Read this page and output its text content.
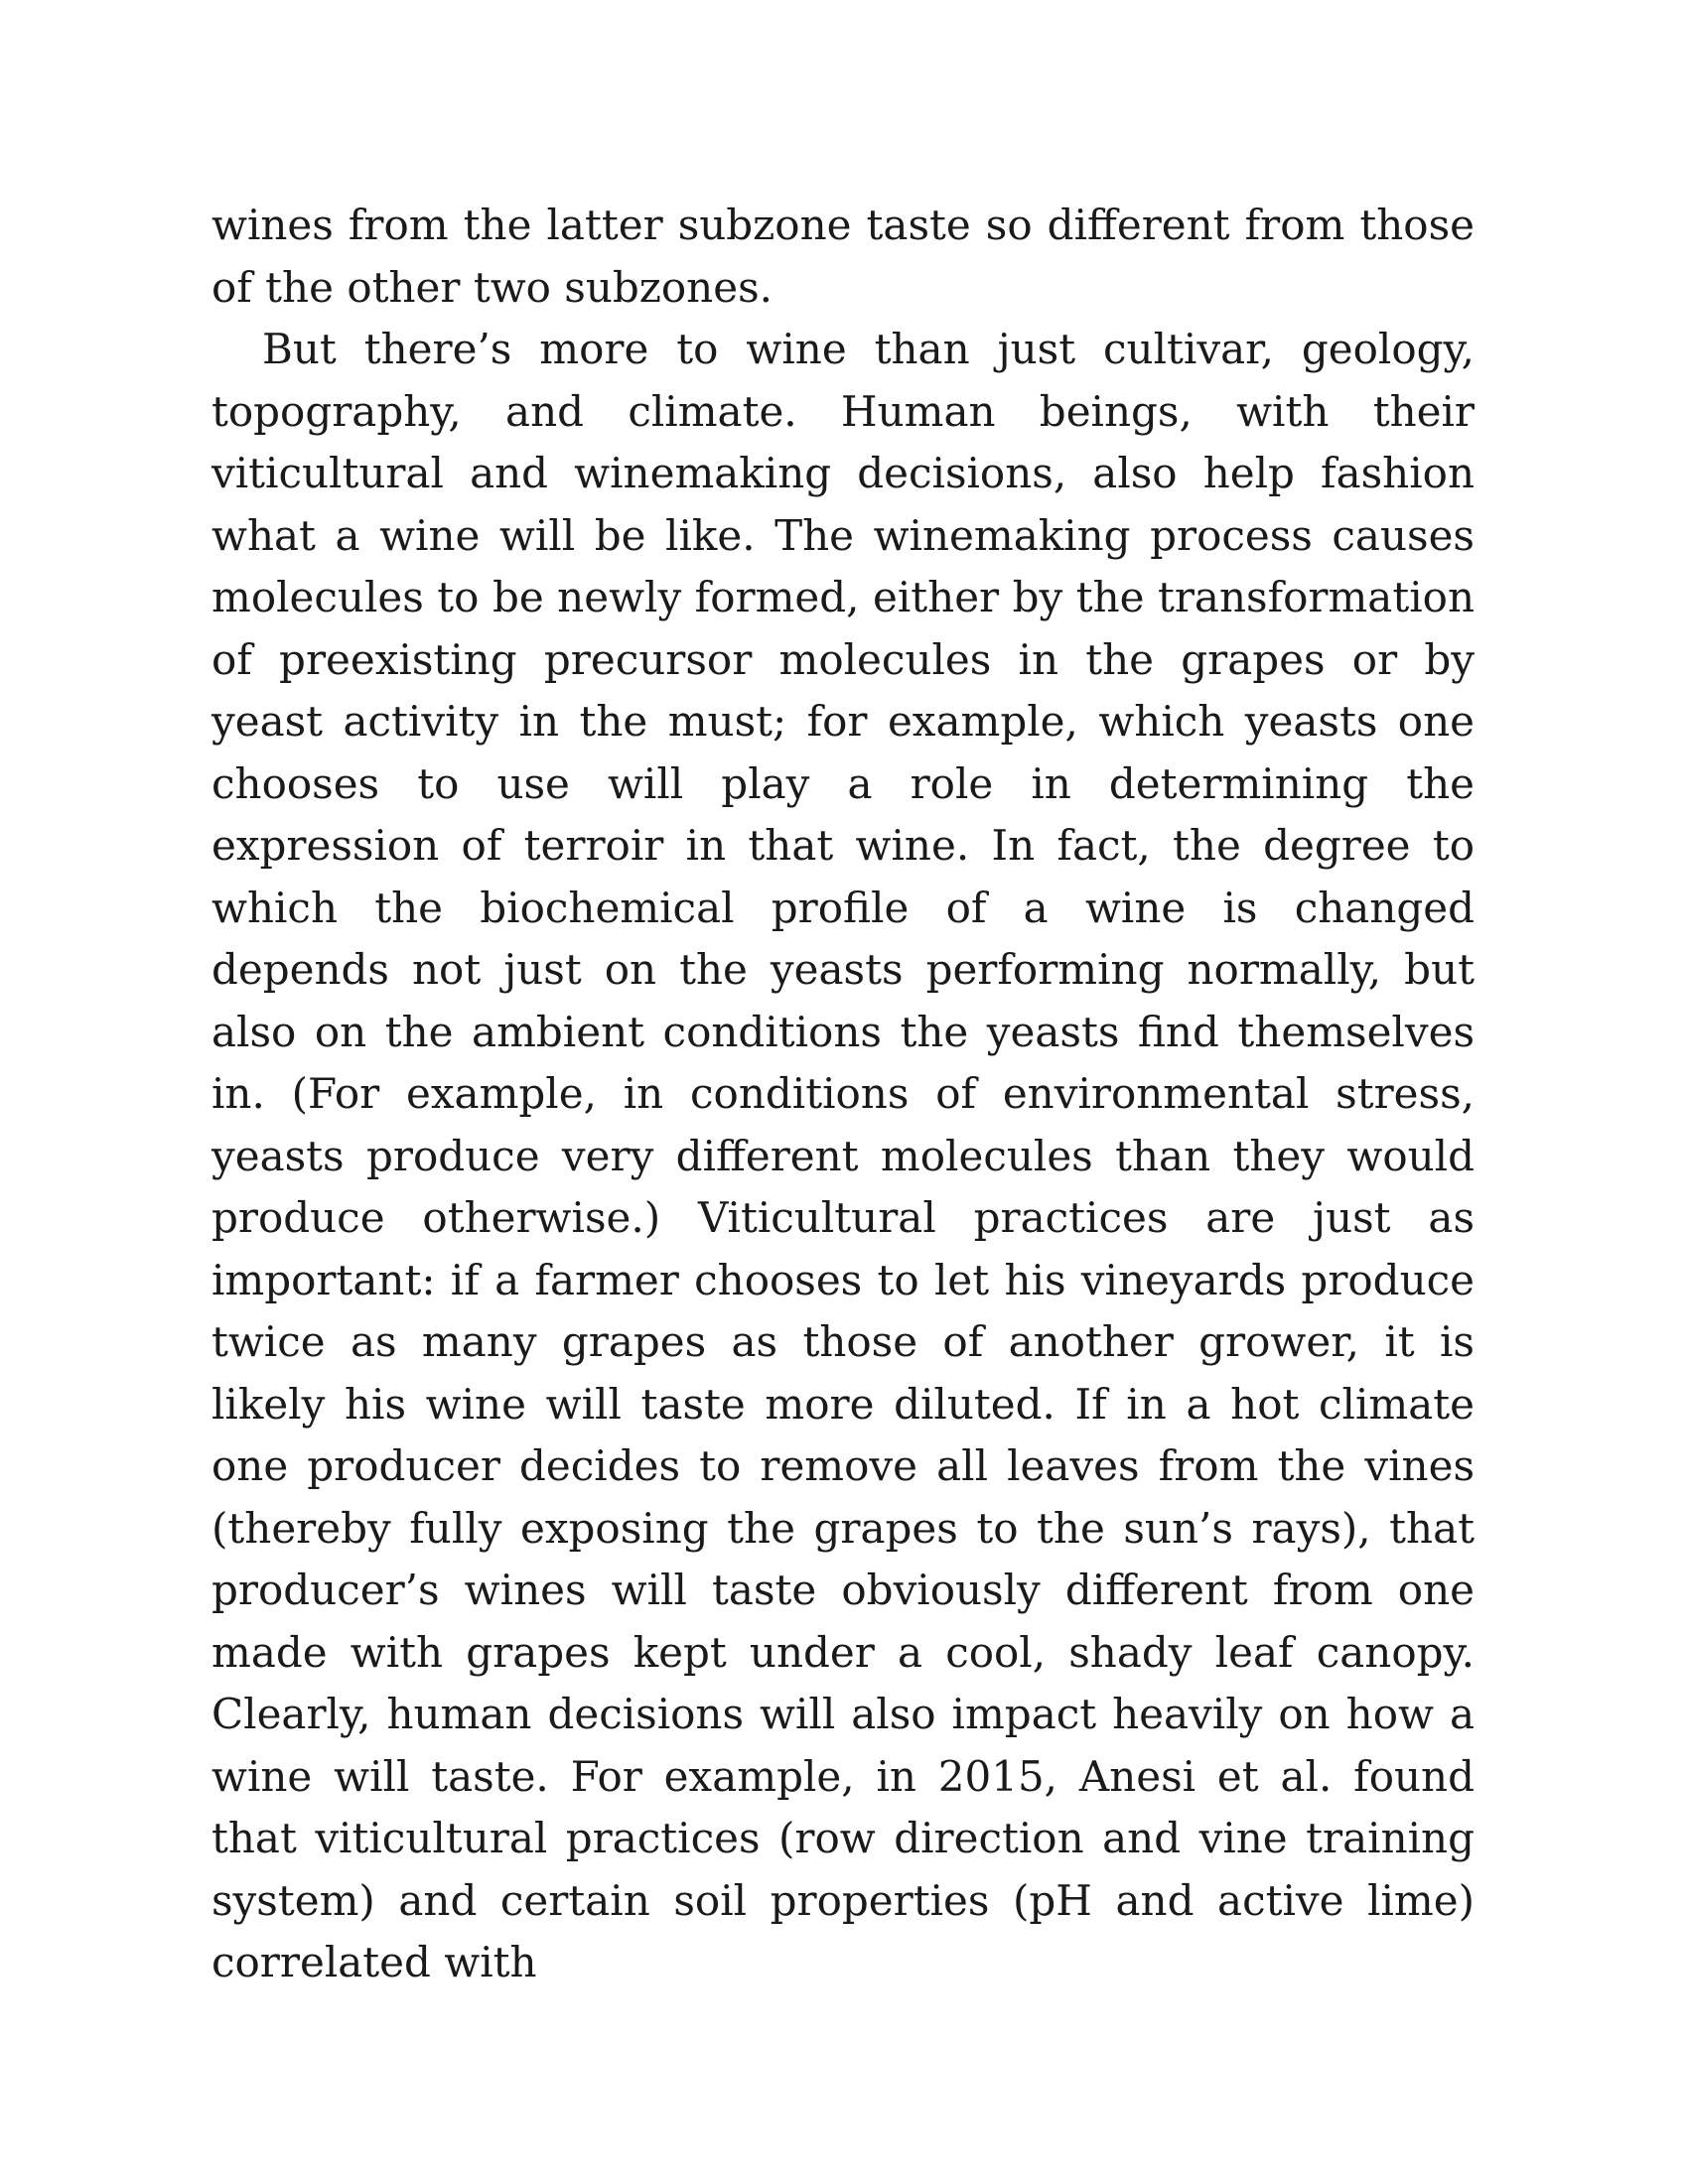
wines from the latter subzone taste so different from those of the other two subzones.

But there’s more to wine than just cultivar, geology, topography, and climate. Human beings, with their viticultural and winemaking decisions, also help fashion what a wine will be like. The winemaking process causes molecules to be newly formed, either by the transformation of preexisting precursor molecules in the grapes or by yeast activity in the must; for example, which yeasts one chooses to use will play a role in determining the expression of terroir in that wine. In fact, the degree to which the biochemical profile of a wine is changed depends not just on the yeasts performing normally, but also on the ambient conditions the yeasts find themselves in. (For example, in conditions of environmental stress, yeasts produce very different molecules than they would produce otherwise.) Viticultural practices are just as important: if a farmer chooses to let his vineyards produce twice as many grapes as those of another grower, it is likely his wine will taste more diluted. If in a hot climate one producer decides to remove all leaves from the vines (thereby fully exposing the grapes to the sun’s rays), that producer’s wines will taste obviously different from one made with grapes kept under a cool, shady leaf canopy. Clearly, human decisions will also impact heavily on how a wine will taste. For example, in 2015, Anesi et al. found that viticultural practices (row direction and vine training system) and certain soil properties (pH and active lime) correlated with
